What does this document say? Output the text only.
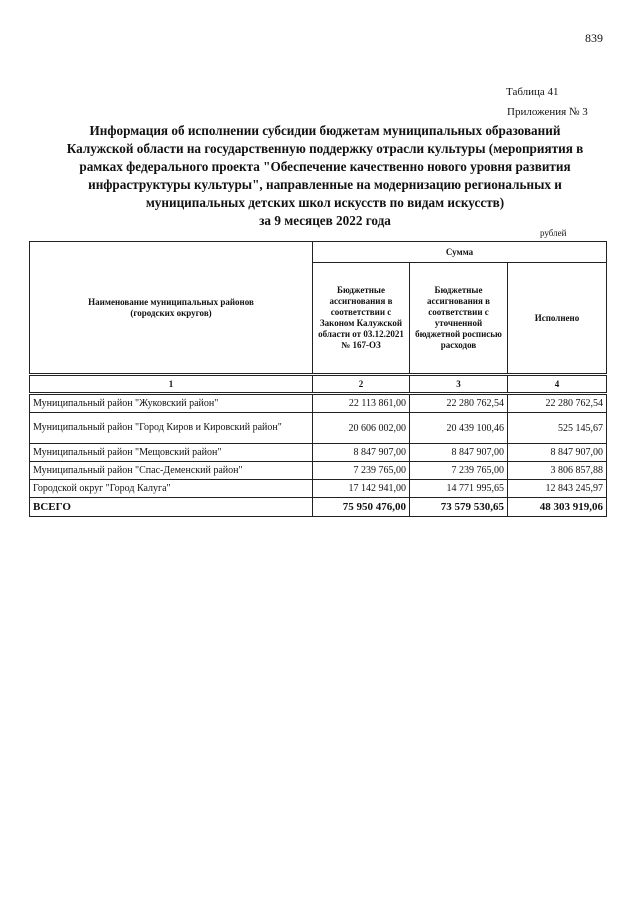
839
Таблица 41
Приложения № 3
Информация об исполнении субсидии бюджетам муниципальных образований
Калужской области на государственную поддержку отрасли культуры (мероприятия в
рамках федерального проекта "Обеспечение качественно нового уровня развития
инфраструктуры культуры", направленные на модернизацию региональных и
муниципальных детских школ искусств по видам искусств)
за 9 месяцев 2022 года
рублей
Наименование муниципальных районов (городских округов)	Сумма		
	Бюджетные ассигнования в соответствии с Законом Калужской области от 03.12.2021 № 167-ОЗ	Бюджетные ассигнования в соответствии с уточненной бюджетной росписью расходов	Исполнено
1	2	3	4
Муниципальный район "Жуковский район"	22 113 861,00	22 280 762,54	22 280 762,54
Муниципальный район "Город Киров и Кировский район"	20 606 002,00	20 439 100,46	525 145,67
Муниципальный район "Мещовский район"	8 847 907,00	8 847 907,00	8 847 907,00
Муниципальный район "Спас-Деменский район"	7 239 765,00	7 239 765,00	3 806 857,88
Городской округ "Город Калуга"	17 142 941,00	14 771 995,65	12 843 245,97
ВСЕГО	75 950 476,00	73 579 530,65	48 303 919,06
